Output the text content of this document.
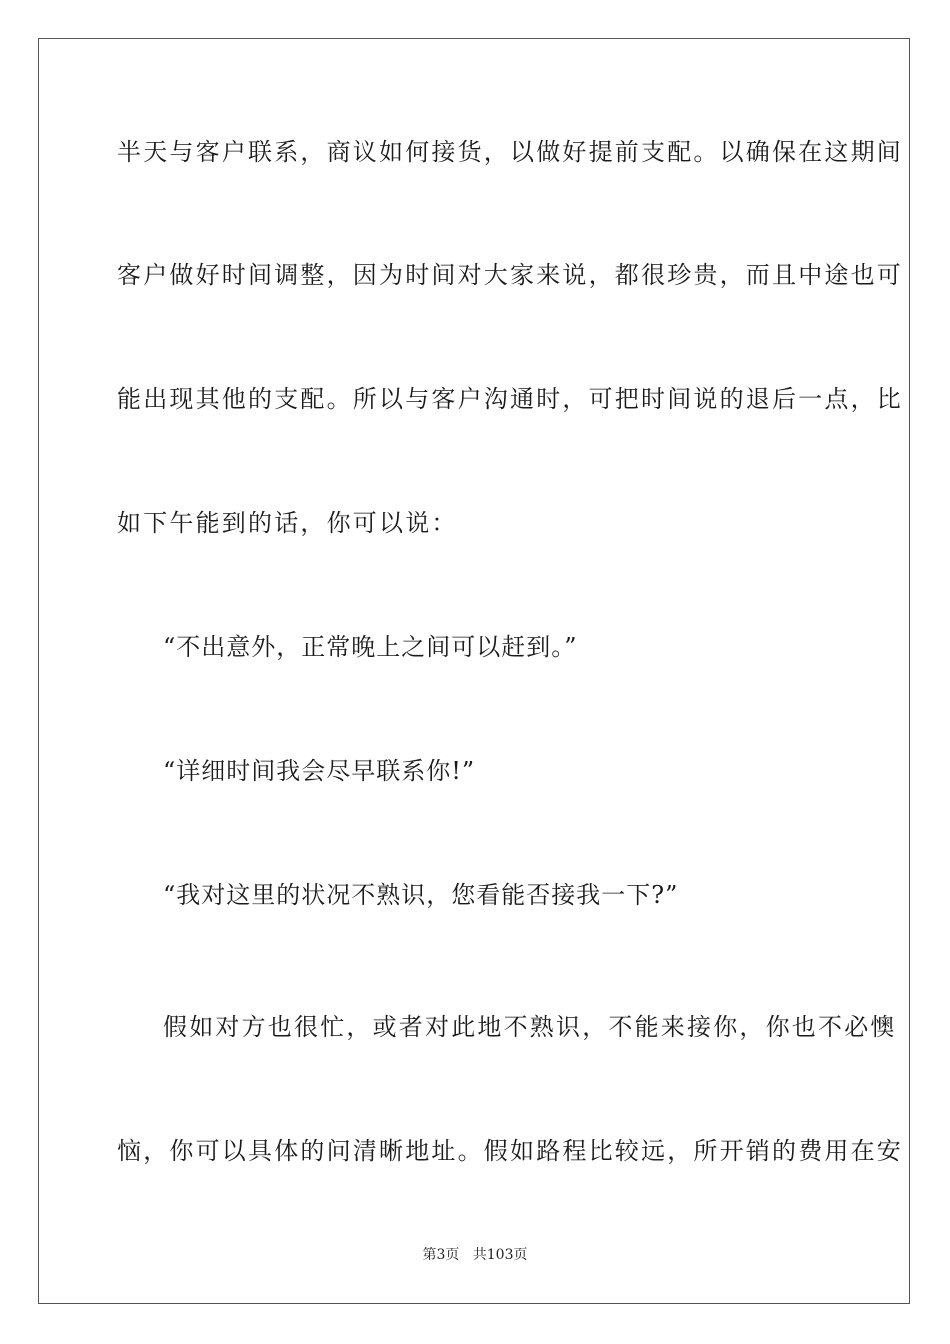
半天与客户联系，商议如何接货，以做好提前支配。以确保在这期间
客户做好时间调整，因为时间对大家来说，都很珍贵，而且中途也可
能出现其他的支配。所以与客户沟通时，可把时间说的退后一点，比
如下午能到的话，你可以说：
“不出意外，正常晚上之间可以赶到。”
“详细时间我会尽早联系你!”
“我对这里的状况不熟识，您看能否接我一下?”
假如对方也很忙，或者对此地不熟识，不能来接你，你也不必懊
恼，你可以具体的问清晰地址。假如路程比较远，所开销的费用在安
第3页 共103页
